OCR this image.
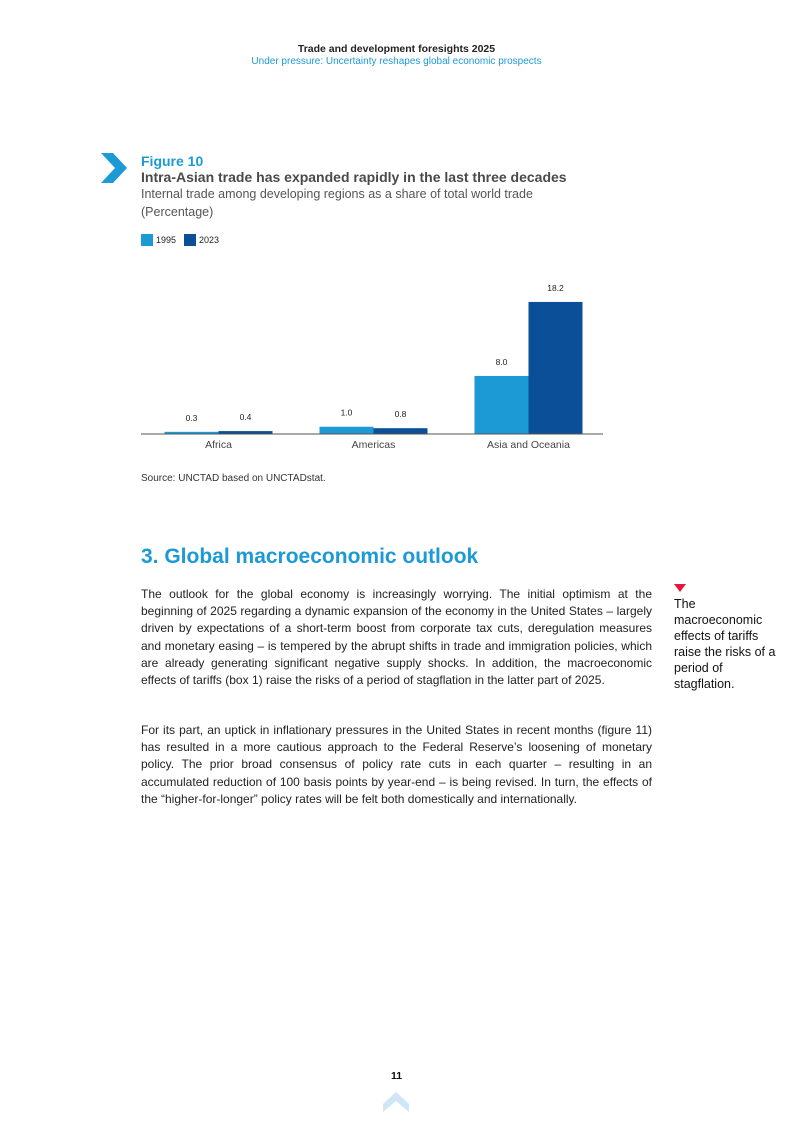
Trade and development foresights 2025
Under pressure: Uncertainty reshapes global economic prospects
Figure 10
Intra-Asian trade has expanded rapidly in the last three decades
Internal trade among developing regions as a share of total world trade
(Percentage)
1995	2023
0.3	0.4
Africa
1.0	0.8
Americas
8.0
18.2
Asia and Oceania
Source: UNCTAD based on UNCTADstat.
3. Global macroeconomic outlook
The outlook for the global economy is increasingly worrying. The initial optimism at the beginning of 2025 regarding a dynamic expansion of the economy in the United States – largely driven by expectations of a short-term boost from corporate tax cuts, deregulation measures and monetary easing – is tempered by the abrupt shifts in trade and immigration policies, which are already generating significant negative supply shocks. In addition, the macroeconomic effects of tariffs (box 1) raise the risks of a period of stagflation in the latter part of 2025.
For its part, an uptick in inflationary pressures in the United States in recent months (figure 11) has resulted in a more cautious approach to the Federal Reserve’s loosening of monetary policy. The prior broad consensus of policy rate cuts in each quarter – resulting in an accumulated reduction of 100 basis points by year-end – is being revised. In turn, the effects of the “higher-for-longer” policy rates will be felt both domestically and internationally.
The macroeconomic effects of tariffs raise the risks of a period of stagflation.
11
